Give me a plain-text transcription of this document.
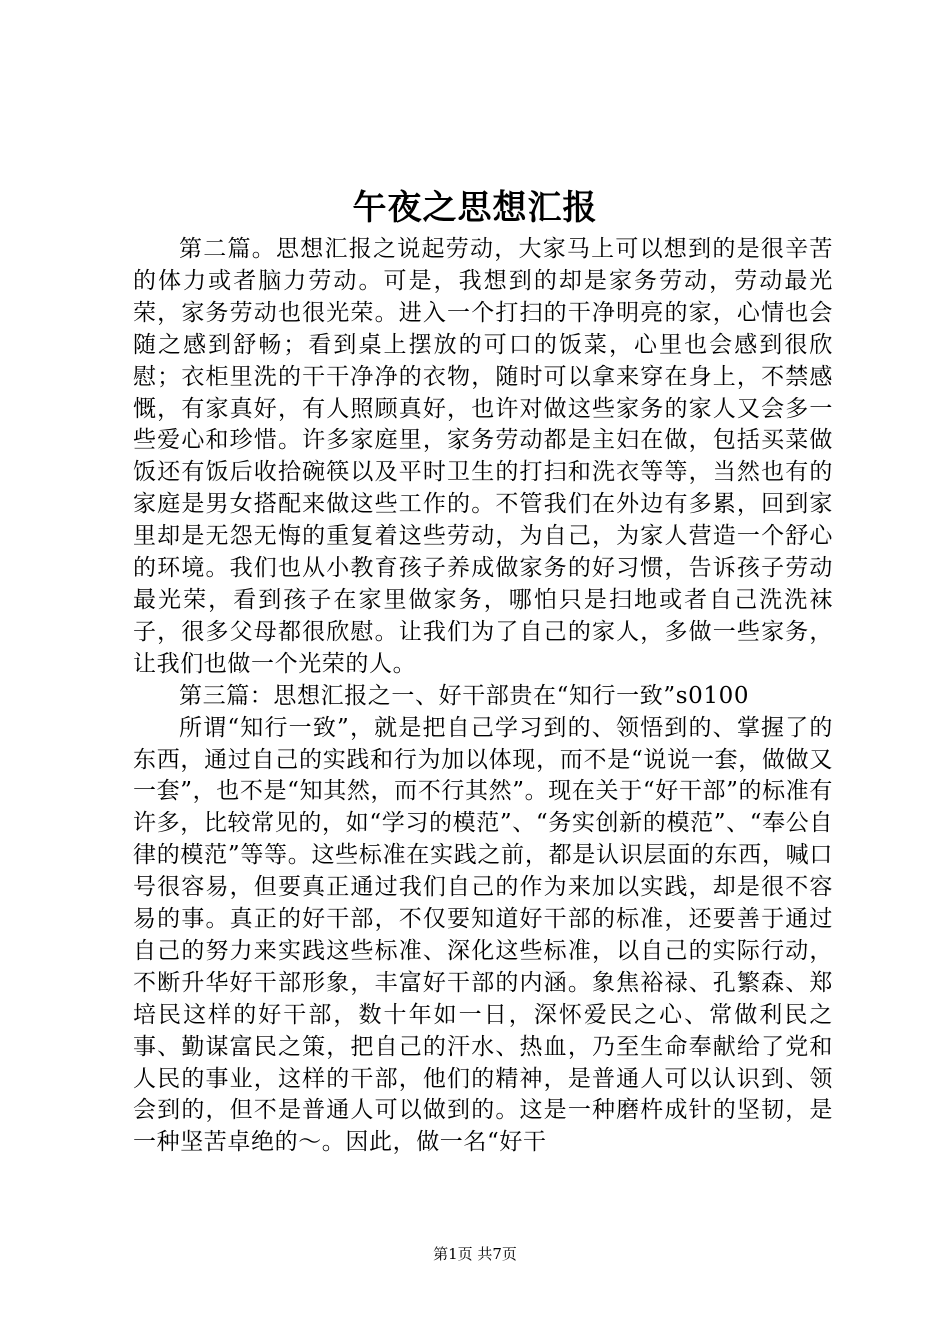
午夜之思想汇报

第二篇。思想汇报之说起劳动，大家马上可以想到的是很辛苦的体力或者脑力劳动。可是，我想到的却是家务劳动，劳动最光荣，家务劳动也很光荣。进入一个打扫的干净明亮的家，心情也会随之感到舒畅；看到桌上摆放的可口的饭菜，心里也会感到很欣慰；衣柜里洗的干干净净的衣物，随时可以拿来穿在身上，不禁感慨，有家真好，有人照顾真好，也许对做这些家务的家人又会多一些爱心和珍惜。许多家庭里，家务劳动都是主妇在做，包括买菜做饭还有饭后收拾碗筷以及平时卫生的打扫和洗衣等等，当然也有的家庭是男女搭配来做这些工作的。不管我们在外边有多累，回到家里却是无怨无悔的重复着这些劳动，为自己，为家人营造一个舒心的环境。我们也从小教育孩子养成做家务的好习惯，告诉孩子劳动最光荣，看到孩子在家里做家务，哪怕只是扫地或者自己洗洗袜子，很多父母都很欣慰。让我们为了自己的家人，多做一些家务，让我们也做一个光荣的人。

第三篇：思想汇报之一、好干部贵在“知行一致”s0100

所谓“知行一致”，就是把自己学习到的、领悟到的、掌握了的东西，通过自己的实践和行为加以体现，而不是“说说一套，做做又一套”，也不是“知其然，而不行其然”。现在关于“好干部”的标准有许多，比较常见的，如“学习的模范”、“务实创新的模范”、“奉公自律的模范”等等。这些标准在实践之前，都是认识层面的东西，喊口号很容易，但要真正通过我们自己的作为来加以实践，却是很不容易的事。真正的好干部，不仅要知道好干部的标准，还要善于通过自己的努力来实践这些标准、深化这些标准，以自己的实际行动，不断升华好干部形象，丰富好干部的内涵。象焦裕禄、孔繁森、郑培民这样的好干部，数十年如一日，深怀爱民之心、常做利民之事、勤谋富民之策，把自己的汗水、热血，乃至生命奉献给了党和人民的事业，这样的干部，他们的精神，是普通人可以认识到、领会到的，但不是普通人可以做到的。这是一种磨杵成针的坚韧，是一种坚苦卓绝的～。因此，做一名“好干

第1页 共7页
